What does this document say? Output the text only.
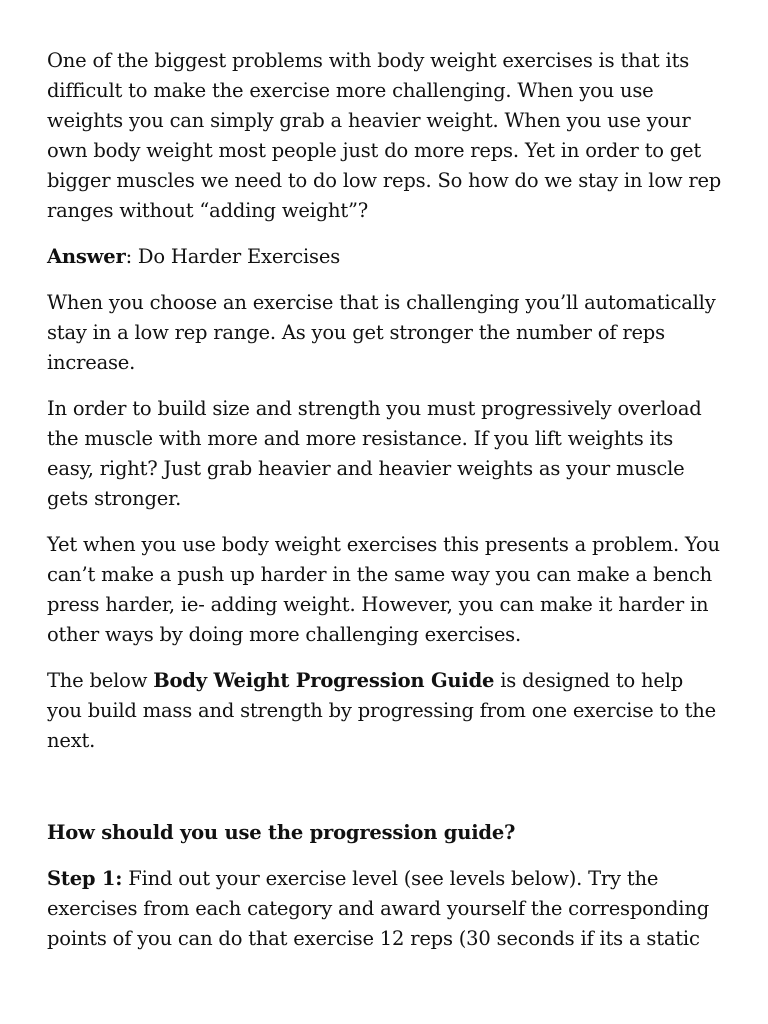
One of the biggest problems with body weight exercises is that its difficult to make the exercise more challenging. When you use weights you can simply grab a heavier weight. When you use your own body weight most people just do more reps. Yet in order to get bigger muscles we need to do low reps. So how do we stay in low rep ranges without “adding weight”?

Answer: Do Harder Exercises

When you choose an exercise that is challenging you’ll automatically stay in a low rep range. As you get stronger the number of reps increase.

In order to build size and strength you must progressively overload the muscle with more and more resistance. If you lift weights its easy, right? Just grab heavier and heavier weights as your muscle gets stronger.

Yet when you use body weight exercises this presents a problem. You can’t make a push up harder in the same way you can make a bench press harder, ie- adding weight. However, you can make it harder in other ways by doing more challenging exercises.

The below Body Weight Progression Guide is designed to help you build mass and strength by progressing from one exercise to the next.

How should you use the progression guide?

Step 1: Find out your exercise level (see levels below). Try the exercises from each category and award yourself the corresponding points of you can do that exercise 12 reps (30 seconds if its a static
